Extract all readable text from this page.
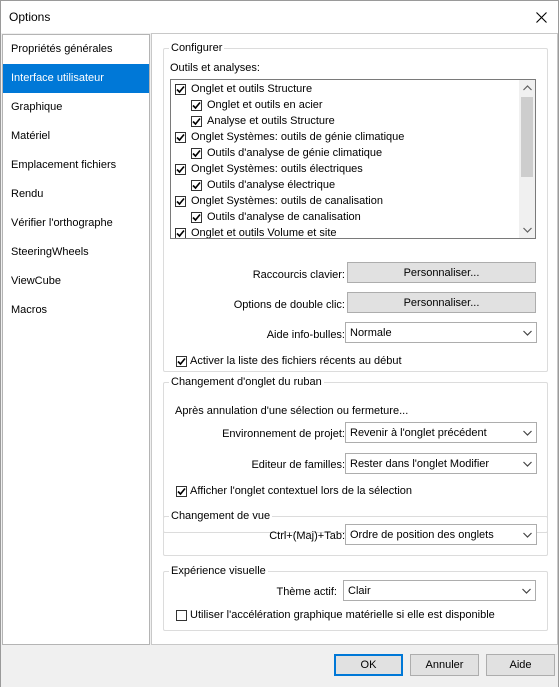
Options
Propriétés générales
Interface utilisateur
Graphique
Matériel
Emplacement fichiers
Rendu
Vérifier l'orthographe
SteeringWheels
ViewCube
Macros
Configurer
Outils et analyses:
Onglet et outils Structure
Onglet et outils en acier
Analyse et outils Structure
Onglet Systèmes: outils de génie climatique
Outils d'analyse de génie climatique
Onglet Systèmes: outils électriques
Outils d'analyse électrique
Onglet Systèmes: outils de canalisation
Outils d'analyse de canalisation
Onglet et outils Volume et site
Raccourcis clavier:	Personnaliser...
Options de double clic:	Personnaliser...
Aide info-bulles: Normale
Activer la liste des fichiers récents au début
Changement d'onglet du ruban
Après annulation d'une sélection ou fermeture...
Environnement de projet: Revenir à l'onglet précédent
Editeur de familles: Rester dans l'onglet Modifier
Afficher l'onglet contextuel lors de la sélection
Changement de vue
Ctrl+(Maj)+Tab: Ordre de position des onglets
Expérience visuelle
Thème actif: Clair
Utiliser l'accélération graphique matérielle si elle est disponible
OK	Annuler	Aide
